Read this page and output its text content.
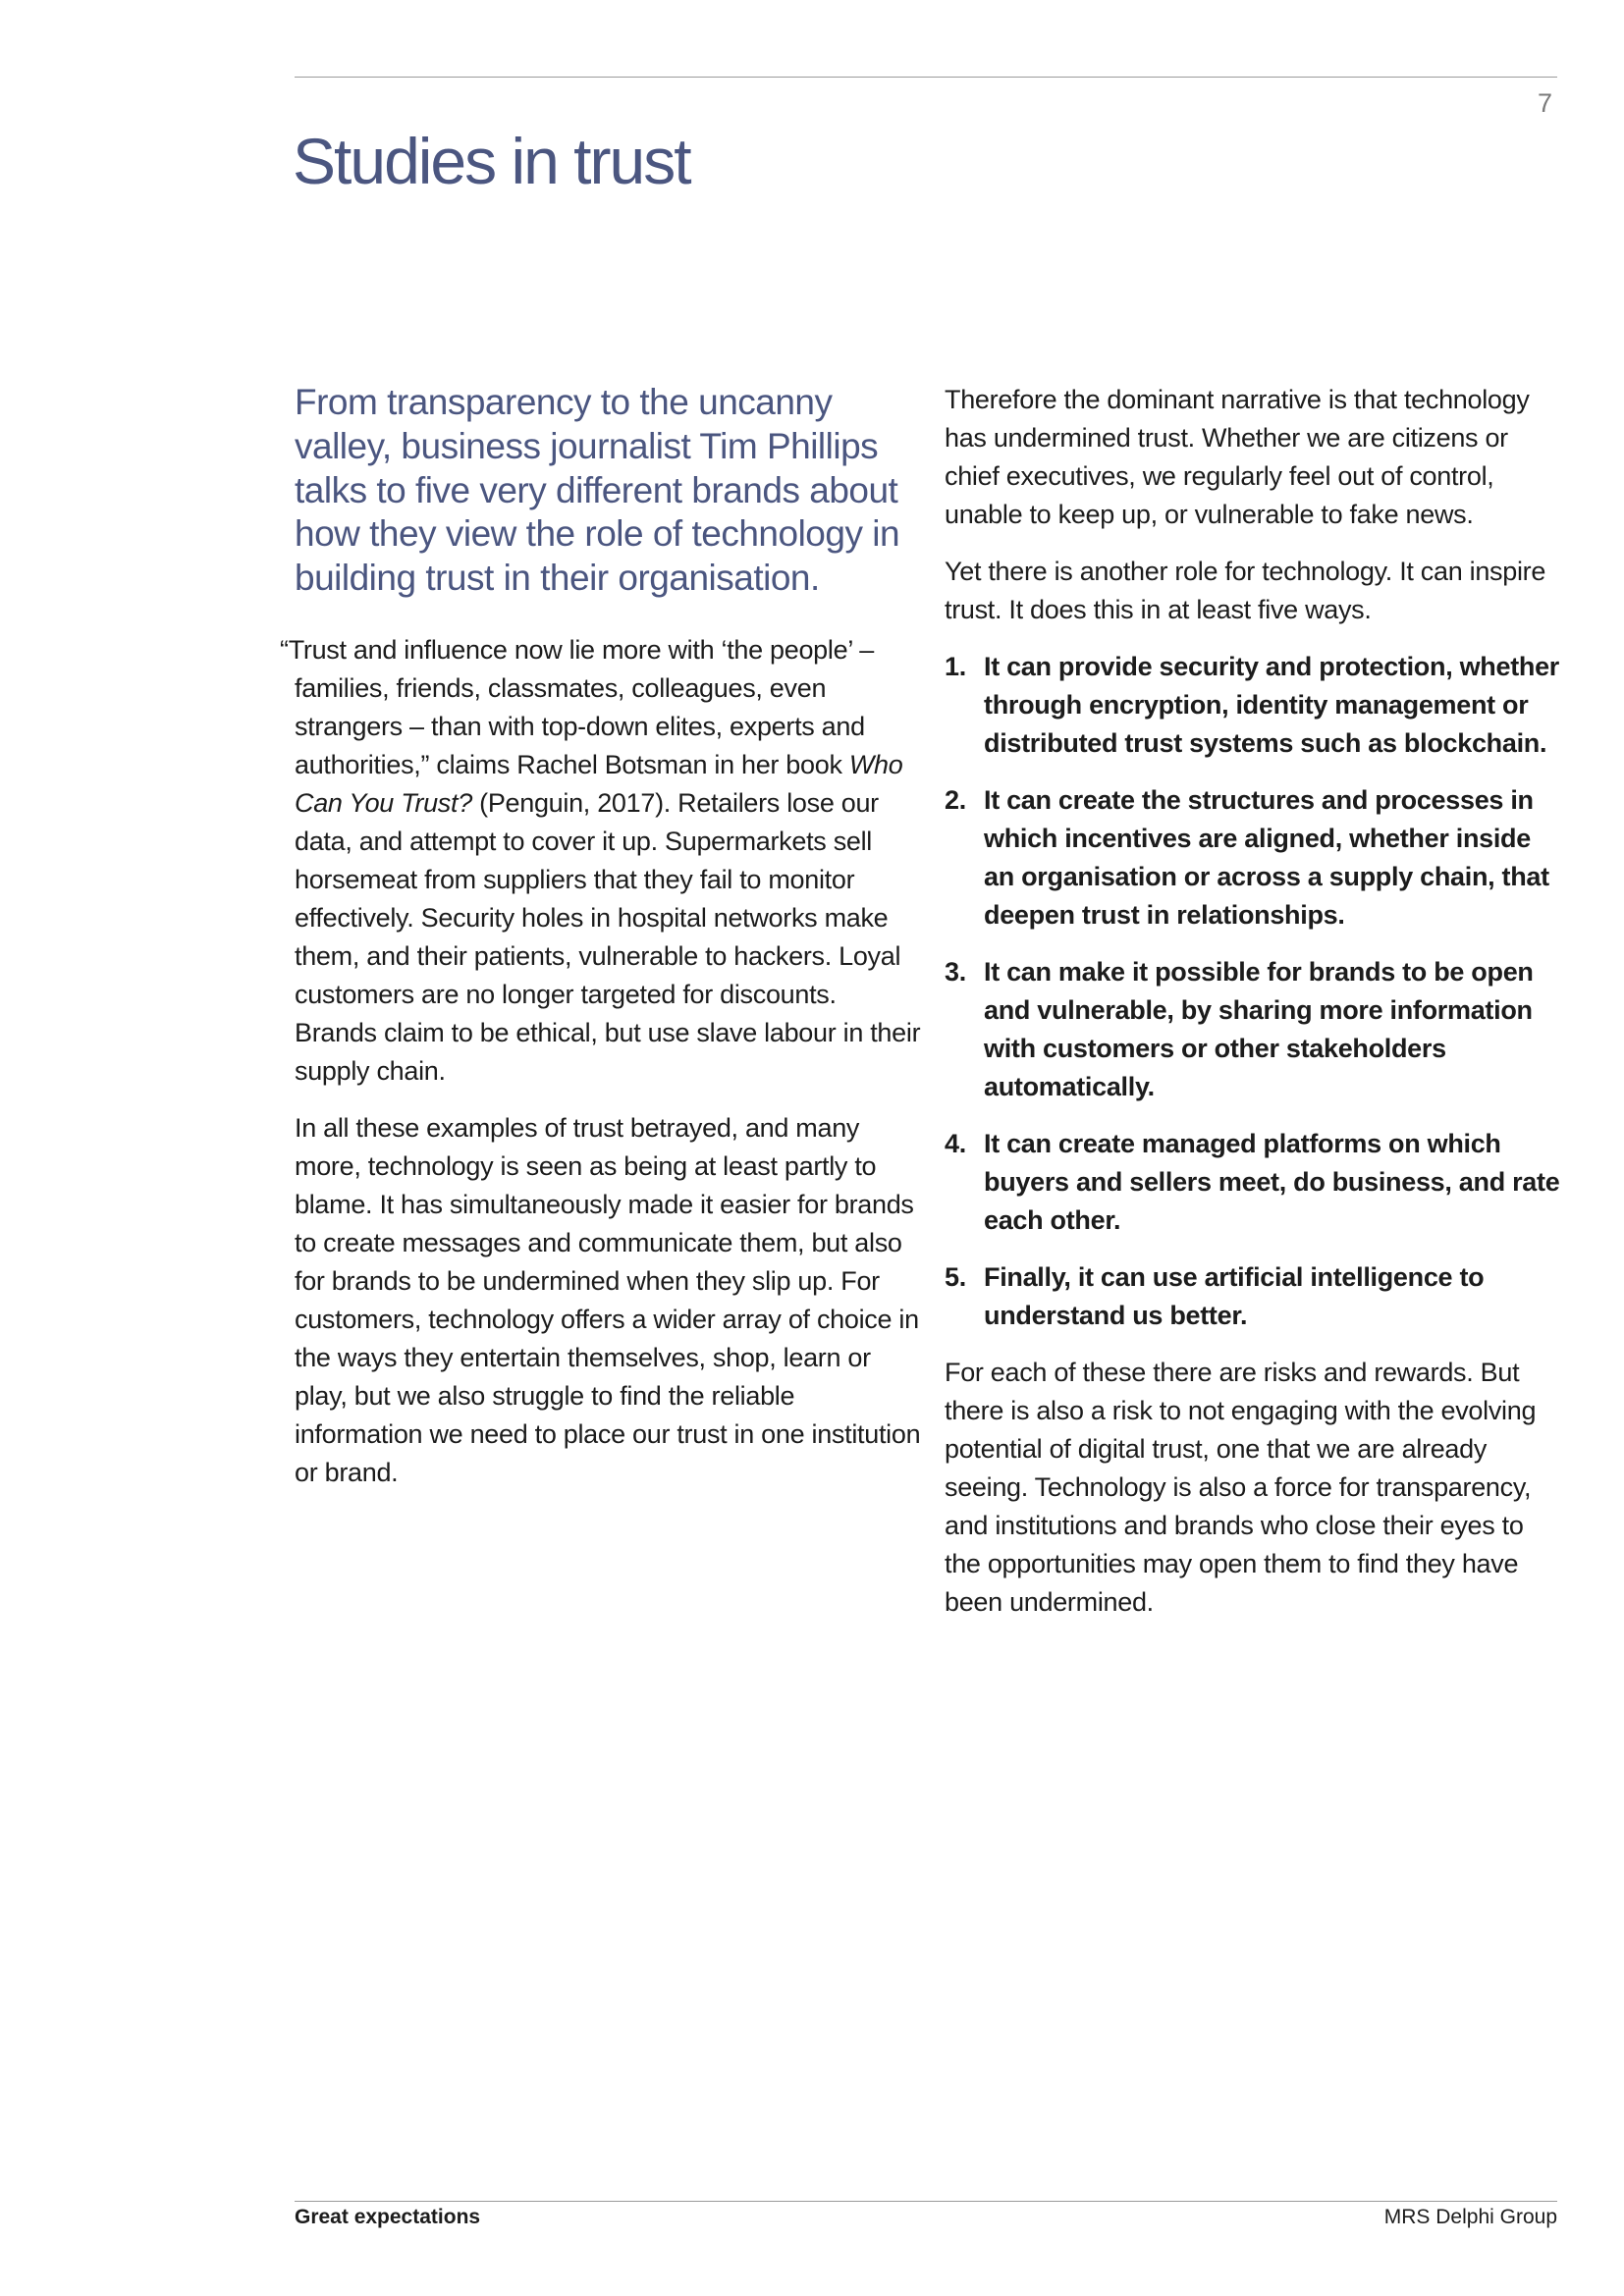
Studies in trust
7

From transparency to the uncanny valley, business journalist Tim Phillips talks to five very different brands about how they view the role of technology in building trust in their organisation.

“Trust and influence now lie more with ‘the people’ – families, friends, classmates, colleagues, even strangers – than with top-down elites, experts and authorities,” claims Rachel Botsman in her book Who Can You Trust? (Penguin, 2017). Retailers lose our data, and attempt to cover it up. Supermarkets sell horsemeat from suppliers that they fail to monitor effectively. Security holes in hospital networks make them, and their patients, vulnerable to hackers. Loyal customers are no longer targeted for discounts. Brands claim to be ethical, but use slave labour in their supply chain.

In all these examples of trust betrayed, and many more, technology is seen as being at least partly to blame. It has simultaneously made it easier for brands to create messages and communicate them, but also for brands to be undermined when they slip up. For customers, technology offers a wider array of choice in the ways they entertain themselves, shop, learn or play, but we also struggle to find the reliable information we need to place our trust in one institution or brand.

Therefore the dominant narrative is that technology has undermined trust. Whether we are citizens or chief executives, we regularly feel out of control, unable to keep up, or vulnerable to fake news.

Yet there is another role for technology. It can inspire trust. It does this in at least five ways.

1. It can provide security and protection, whether through encryption, identity management or distributed trust systems such as blockchain.
2. It can create the structures and processes in which incentives are aligned, whether inside an organisation or across a supply chain, that deepen trust in relationships.
3. It can make it possible for brands to be open and vulnerable, by sharing more information with customers or other stakeholders automatically.
4. It can create managed platforms on which buyers and sellers meet, do business, and rate each other.
5. Finally, it can use artificial intelligence to understand us better.

For each of these there are risks and rewards. But there is also a risk to not engaging with the evolving potential of digital trust, one that we are already seeing. Technology is also a force for transparency, and institutions and brands who close their eyes to the opportunities may open them to find they have been undermined.

Great expectations	MRS Delphi Group
